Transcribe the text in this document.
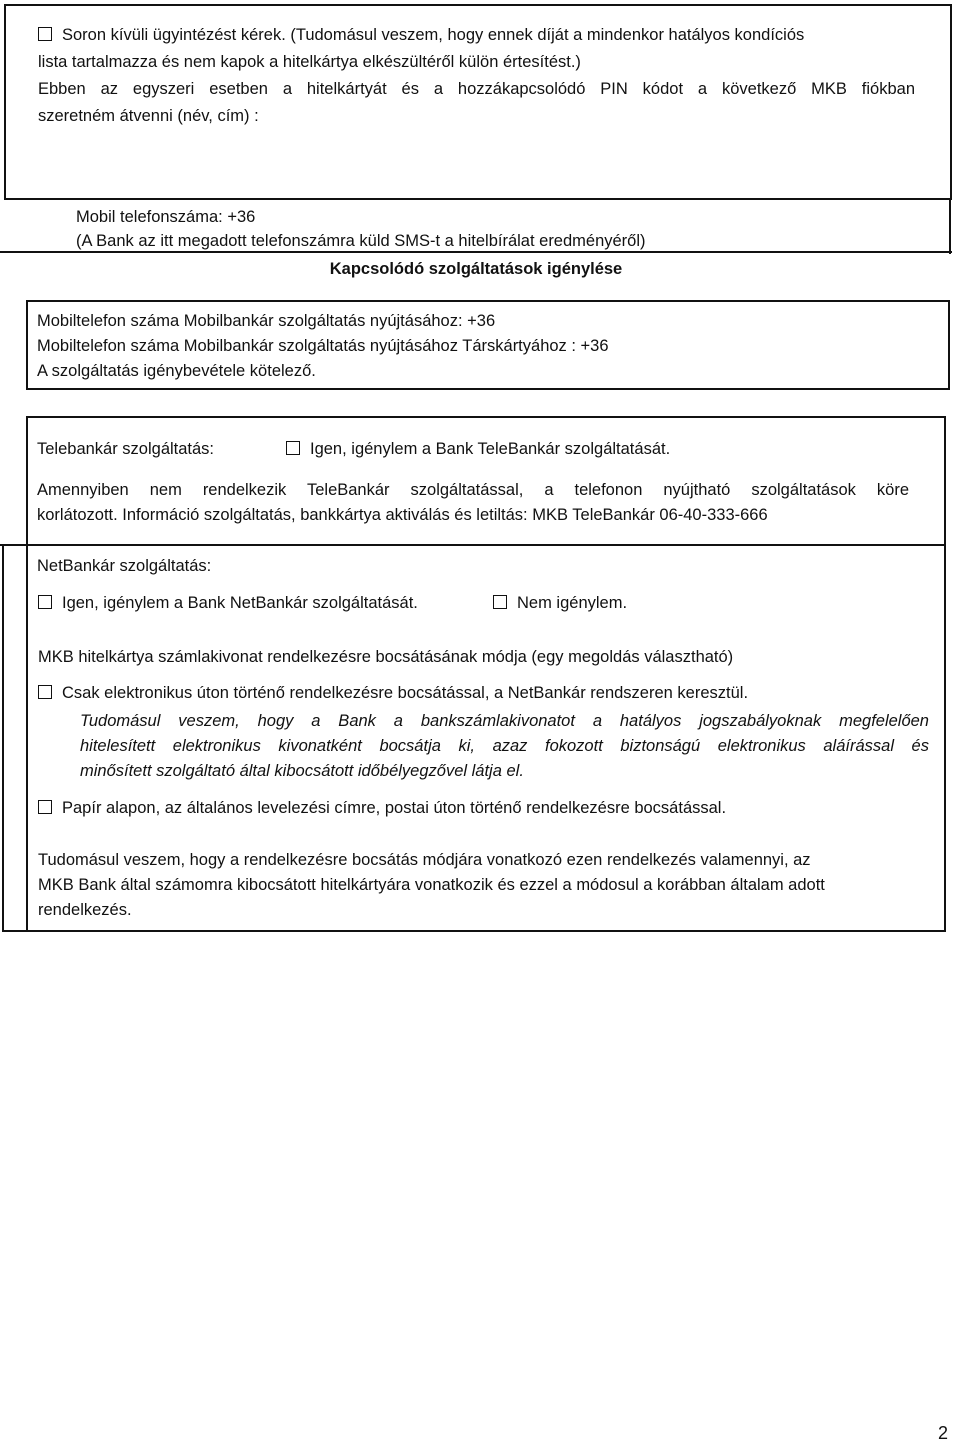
Soron kívüli ügyintézést kérek. (Tudomásul veszem, hogy ennek díját a mindenkor hatályos kondíciós
lista tartalmazza és nem kapok a hitelkártya elkészültéről külön értesítést.)
Ebben az egyszeri esetben a hitelkártyát és a hozzákapcsolódó PIN kódot a következő MKB fiókban
szeretném átvenni (név, cím) :
Mobil telefonszáma: +36
(A Bank az itt megadott telefonszámra küld SMS-t a hitelbírálat eredményéről)
Kapcsolódó szolgáltatások igénylése
Mobiltelefon száma Mobilbankár szolgáltatás nyújtásához: +36
Mobiltelefon száma Mobilbankár szolgáltatás nyújtásához Társkártyához : +36
A szolgáltatás igénybevétele kötelező.
Telebankár szolgáltatás:	Igen, igénylem a Bank TeleBankár szolgáltatását.
Amennyiben nem rendelkezik TeleBankár szolgáltatással, a telefonon nyújtható szolgáltatások köre
korlátozott. Információ szolgáltatás, bankkártya aktiválás és letiltás: MKB TeleBankár 06-40-333-666
NetBankár szolgáltatás:
Igen, igénylem a Bank NetBankár szolgáltatását.	Nem igénylem.
MKB hitelkártya számlakivonat rendelkezésre bocsátásának módja (egy megoldás választható)
Csak elektronikus úton történő rendelkezésre bocsátással, a NetBankár rendszeren keresztül.
Tudomásul veszem, hogy a Bank a bankszámlakivonatot a hatályos jogszabályoknak megfelelően
hitelesített elektronikus kivonatként bocsátja ki, azaz fokozott biztonságú elektronikus aláírással és
minősített szolgáltató által kibocsátott időbélyegzővel látja el.
Papír alapon, az általános levelezési címre, postai úton történő rendelkezésre bocsátással.
Tudomásul veszem, hogy a rendelkezésre bocsátás módjára vonatkozó ezen rendelkezés valamennyi, az
MKB Bank által számomra kibocsátott hitelkártyára vonatkozik és ezzel a módosul a korábban általam adott
rendelkezés.
2
